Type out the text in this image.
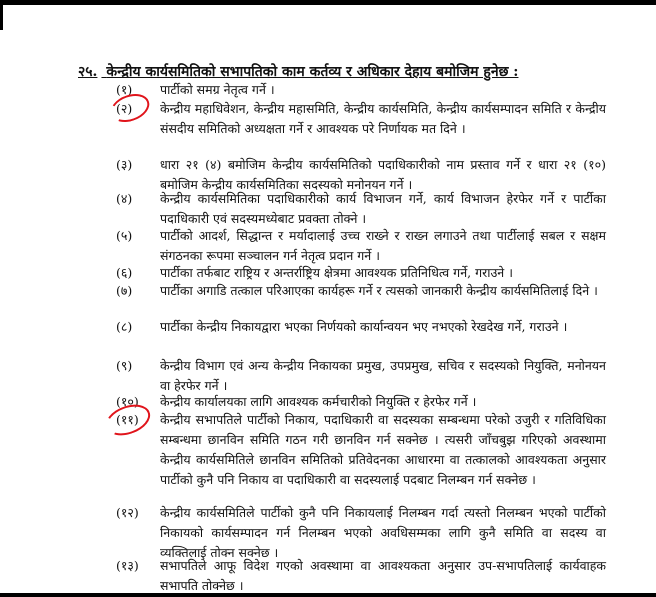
२५. केन्द्रीय कार्यसमितिको सभापतिको काम कर्तव्य र अधिकार देहाय बमोजिम हुनेछ :
(१)	पार्टीको समग्र नेतृत्व गर्ने ।
(२)	केन्द्रीय महाधिवेशन, केन्द्रीय महासमिति, केन्द्रीय कार्यसमिति, केन्द्रीय कार्यसम्पादन समिति र केन्द्रीय संसदीय समितिको अध्यक्षता गर्ने र आवश्यक परे निर्णायक मत दिने ।
(३)	धारा २१ (४) बमोजिम केन्द्रीय कार्यसमितिको पदाधिकारीको नाम प्रस्ताव गर्ने र धारा २१ (१०) बमोजिम केन्द्रीय कार्यसमितिका सदस्यको मनोनयन गर्ने ।
(४)	केन्द्रीय कार्यसमितिका पदाधिकारीको कार्य विभाजन गर्ने, कार्य विभाजन हेरफेर गर्ने र पार्टीका पदाधिकारी एवं सदस्यमध्येबाट प्रवक्ता तोक्ने ।
(५)	पार्टीको आदर्श, सिद्धान्त र मर्यादालाई उच्च राख्ने र राख्न लगाउने तथा पार्टीलाई सबल र सक्षम संगठनका रूपमा सञ्चालन गर्न नेतृत्व प्रदान गर्ने ।
(६)	पार्टीका तर्फबाट राष्ट्रिय र अन्तर्राष्ट्रिय क्षेत्रमा आवश्यक प्रतिनिधित्व गर्ने, गराउने ।
(७)	पार्टीका अगाडि तत्काल परिआएका कार्यहरू गर्ने र त्यसको जानकारी केन्द्रीय कार्यसमितिलाई दिने ।
(८)	पार्टीका केन्द्रीय निकायद्वारा भएका निर्णयको कार्यान्वयन भए नभएको रेखदेख गर्ने, गराउने ।
(९)	केन्द्रीय विभाग एवं अन्य केन्द्रीय निकायका प्रमुख, उपप्रमुख, सचिव र सदस्यको नियुक्ति, मनोनयन वा हेरफेर गर्ने ।
(१०)	केन्द्रीय कार्यालयका लागि आवश्यक कर्मचारीको नियुक्ति र हेरफेर गर्ने ।
(११)	केन्द्रीय सभापतिले पार्टीको निकाय, पदाधिकारी वा सदस्यका सम्बन्धमा परेको उजुरी र गतिविधिका सम्बन्धमा छानविन समिति गठन गरी छानविन गर्न सक्नेछ । त्यसरी जाँचबुझ गरिएको अवस्थामा केन्द्रीय कार्यसमितिले छानविन समितिको प्रतिवेदनका आधारमा वा तत्कालको आवश्यकता अनुसार पार्टीको कुनै पनि निकाय वा पदाधिकारी वा सदस्यलाई पदबाट निलम्बन गर्न सक्नेछ ।
(१२)	केन्द्रीय कार्यसमितिले पार्टीको कुनै पनि निकायलाई निलम्बन गर्दा त्यस्तो निलम्बन भएको पार्टीको निकायको कार्यसम्पादन गर्न निलम्बन भएको अवधिसम्मका लागि कुनै समिति वा सदस्य वा व्यक्तिलाई तोक्न सक्नेछ ।
(१३)	सभापतिले आफू विदेश गएको अवस्थामा वा आवश्यकता अनुसार उप-सभापतिलाई कार्यवाहक सभापति तोक्नेछ ।
